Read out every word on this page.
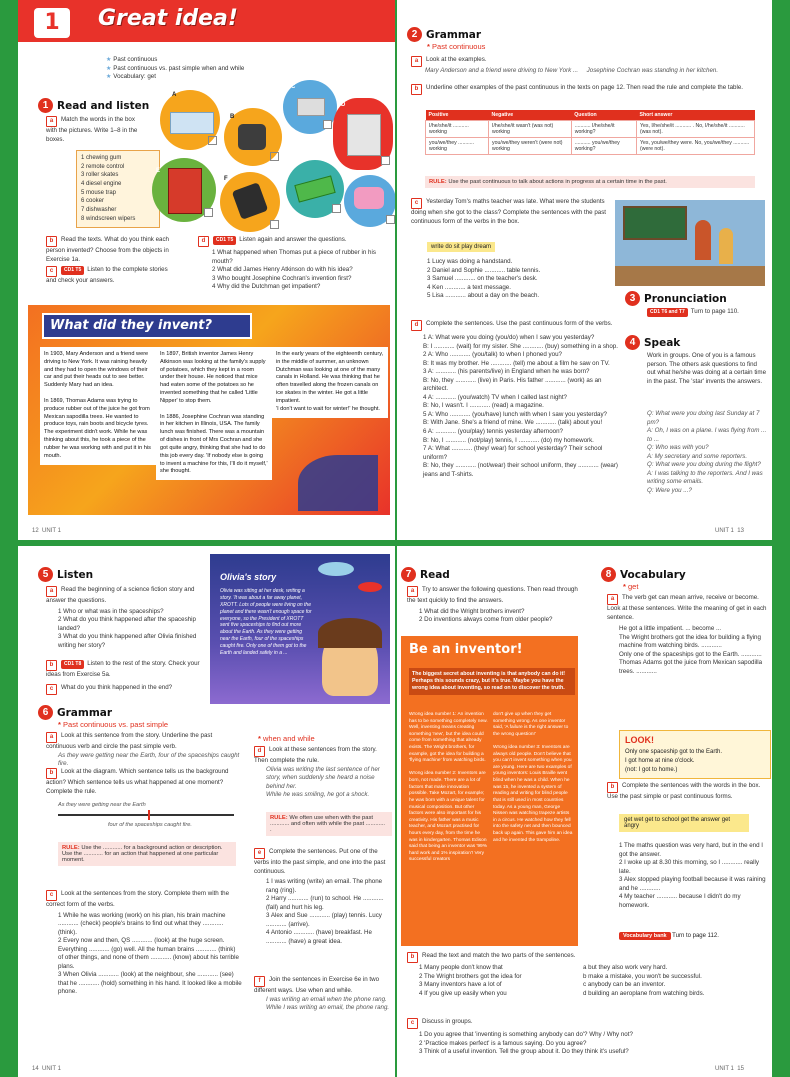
1	Great idea!
★ Past continuous
★ Past continuous vs. past simple when and while
★ Vocabulary: get
1 Read and listen
a Match the words in the box with the pictures. Write 1–8 in the boxes.
1 chewing gum
2 remote control
3 roller skates
4 diesel engine
5 mouse trap
6 cooker
7 dishwasher
8 windscreen wipers
A
B
C
D
E
F
G
H
b Read the texts. What do you think each person invented? Choose from the objects in Exercise 1a.
c CD1 T5 Listen to the complete stories and check your answers.
d CD1 T5 Listen again and answer the questions.
1 What happened when Thomas put a piece of rubber in his mouth?
2 What did James Henry Atkinson do with his idea?
3 Who bought Josephine Cochran's invention first?
4 Why did the Dutchman get impatient?
What did they invent?
In 1903, Mary Anderson and a friend were driving to New York. It was raining heavily and they had to open the windows of their car and put their heads out to see better. Suddenly Mary had an idea.

In 1869, Thomas Adams was trying to produce rubber out of the juice he got from Mexican sapodilla trees. He wanted to produce toys, rain boots and bicycle tyres. The experiment didn't work. While he was thinking about this, he took a piece of the rubber he was working with and put it in his mouth.
In 1897, British inventor James Henry Atkinson was looking at the family's supply of potatoes, which they kept in a room under their house. He noticed that mice had eaten some of the potatoes so he invented something that he called 'Little Nipper' to stop them.

In 1886, Josephine Cochran was standing in her kitchen in Illinois, USA. The family lunch was finished. There was a mountain of dishes in front of Mrs Cochran and she got quite angry, thinking that she had to do this job every day. 'If nobody else is going to invent a machine for this, I'll do it myself,' she thought.
In the early years of the eighteenth century, in the middle of summer, an unknown Dutchman was looking at one of the many canals in Holland. He was thinking that he often travelled along the frozen canals on ice skates in the winter. He got a little impatient.
'I don't want to wait for winter!' he thought.
12 UNIT 1
2 Grammar
* Past continuous
a Look at the examples.
Mary Anderson and a friend were driving to New York ... Josephine Cochran was standing in her kitchen.
b Underline other examples of the past continuous in the texts on page 12. Then read the rule and complete the table.
Positive	Negative	Question	Short answer
I/he/she/it ........... working	I/he/she/it wasn't (was not) working	........... I/he/she/it working?	Yes, I/he/she/it ........... . No, I/he/she/it ........... (was not).
you/we/they ........... working	you/we/they weren't (were not) working	........... you/we/they working?	Yes, you/we/they were. No, you/we/they ........... (were not).
RULE: Use the past continuous to talk about actions in progress at a certain time in the past.
c Yesterday Tom's maths teacher was late. What were the students doing when she got to the class? Complete the sentences with the past continuous form of the verbs in the box.
write do sit play dream
1 Lucy was doing a handstand.
2 Daniel and Sophie ............ table tennis.
3 Samuel ............ on the teacher's desk.
4 Ken ............ a text message.
5 Lisa ............ about a day on the beach.
d Complete the sentences. Use the past continuous form of the verbs.
1 A: What were you doing (you/do) when I saw you yesterday?
B: I ............ (wait) for my sister. She ............ (buy) something in a shop.
2 A: Who ............ (you/talk) to when I phoned you?
B: It was my brother. He ............ (tell) me about a film he saw on TV.
3 A: ............ (his parents/live) in England when he was born?
B: No, they ............ (live) in Paris. His father ............ (work) as an architect.
4 A: ............ (you/watch) TV when I called last night?
B: No, I wasn't. I ............ (read) a magazine.
5 A: Who ............ (you/have) lunch with when I saw you yesterday?
B: With Jane. She's a friend of mine. We ............ (talk) about you!
6 A: ............ (you/play) tennis yesterday afternoon?
B: No, I ............ (not/play) tennis, I ............ (do) my homework.
7 A: What ............ (they/ wear) for school yesterday? Their school uniform?
B: No, they ............ (not/wear) their school uniform, they ............ (wear) jeans and T-shirts.
3 Pronunciation
CD1 T6 and T7 Turn to page 110.
4 Speak
Work in groups. One of you is a famous person. The others ask questions to find out what he/she was doing at a certain time in the past. The 'star' invents the answers.
Q: What were you doing last Sunday at 7 pm?
A: Oh, I was on a plane. I was flying from ... to ...
Q: Who was with you?
A: My secretary and some reporters.
Q: What were you doing during the flight?
A: I was talking to the reporters. And I was writing some emails.
Q: Were you ...?
UNIT 1 13
5 Listen
a Read the beginning of a science fiction story and answer the questions.
1 Who or what was in the spaceships?
2 What do you think happened after the spaceship landed?
3 What do you think happened after Olivia finished writing her story?
b CD1 T8 Listen to the rest of the story. Check your ideas from Exercise 5a.
c What do you think happened in the end?
Olivia's story
Olivia was sitting at her desk, writing a story. 'It was about a far away planet, XROTT. Lots of people were living on the planet and there wasn't enough space for everyone, so the President of XROTT sent five spaceships to find out more about the Earth. As they were getting near the Earth, four of the spaceships caught fire. Only one of them got to the Earth and landed safely in a ...
6 Grammar
* Past continuous vs. past simple
a Look at this sentence from the story. Underline the past continuous verb and circle the past simple verb.
As they were getting near the Earth, four of the spaceships caught fire.
b Look at the diagram. Which sentence tells us the background action? Which sentence tells us what happened at one moment? Complete the rule.
As they were getting near the Earth
four of the spaceships caught fire.
RULE: Use the ............ for a background action or description.
Use the ............ for an action that happened at one particular moment.
c Look at the sentences from the story. Complete them with the correct form of the verbs.
1 While he was working (work) on his plan, his brain machine ............ (check) people's brains to find out what they ............ (think).
2 Every now and then, QS ............ (look) at the huge screen. Everything ............ (go) well. All the human brains ............ (think) of other things, and none of them ............ (know) about his terrible plans.
3 When Olivia ............ (look) at the neighbour, she ............ (see) that he ............ (hold) something in his hand. It looked like a mobile phone.
* when and while
d Look at these sentences from the story. Then complete the rule.
Olivia was writing the last sentence of her story, when suddenly she heard a noise behind her.
While he was smiling, he got a shock.
RULE: We often use when with the past ............ and often with while the past ............ .
e Complete the sentences. Put one of the verbs into the past simple, and one into the past continuous.
1 I was writing (write) an email. The phone rang (ring).
2 Harry ............ (run) to school. He ............ (fall) and hurt his leg.
3 Alex and Sue ............ (play) tennis. Lucy ............ (arrive).
4 Antonio ............ (have) breakfast. He ............ (have) a great idea.
f Join the sentences in Exercise 6e in two different ways. Use when and while.
I was writing an email when the phone rang.
While I was writing an email, the phone rang.
14 UNIT 1
7 Read
a Try to answer the following questions. Then read through the text quickly to find the answers.
1 What did the Wright brothers invent?
2 Do inventions always come from older people?
Be an inventor!
The biggest secret about inventing is that anybody can do it! Perhaps this sounds crazy, but it's true. Maybe you have the wrong idea about inventing, so read on to discover the truth.
Wrong idea number 1: An invention has to be something completely new. Well, inventing means creating something 'new', but the idea could come from something that already exists. The Wright brothers, for example, got the idea for building a 'flying machine' from watching birds.

Wrong idea number 2: Inventors are born, not made. There are a lot of factors that make innovation possible. Take Mozart, for example; he was born with a unique talent for musical composition. But other factors were also important for his creativity. His father was a music teacher, and Mozart practised for hours every day, from the time he was in kindergarten. Thomas Edison said that being an inventor was '99% hard work and 1% inspiration'! Very successful creators
don't give up when they get something wrong. As one inventor said, 'A failure is the right answer to the wrong question!'

Wrong idea number 3: Inventors are always old people. Don't believe that you can't invent something when you are young. Here are two examples of young inventors: Louis Braille went blind when he was a child. When he was 15, he invented a system of reading and writing for blind people that is still used in most countries today. As a young man, George Nissen was watching trapeze artists in a circus. He watched how they fell into the safety net and then bounced back up again. This gave him an idea and he invented the trampoline.
8 Vocabulary
* get
a The verb get can mean arrive, receive or become. Look at these sentences. Write the meaning of get in each sentence.
He got a little impatient. ... become ...
The Wright brothers got the idea for building a flying machine from watching birds. ............
Only one of the spaceships got to the Earth. ............
Thomas Adams got the juice from Mexican sapodilla trees. ............
LOOK!
Only one spaceship got to the Earth.
I got home at nine o'clock.
(not: I got to home.)
b Complete the sentences with the words in the box. Use the past simple or past continuous forms.
get wet get to school get the answer get angry
1 The maths question was very hard, but in the end I got the answer.
2 I woke up at 8.30 this morning, so I ............ really late.
3 Alex stopped playing football because it was raining and he ............
4 My teacher ............ because I didn't do my homework.
Vocabulary bank Turn to page 112.
b Read the text and match the two parts of the sentences.
1 Many people don't know that
2 The Wright brothers got the idea for
3 Many inventors have a lot of
4 If you give up easily when you
a but they also work very hard.
b make a mistake, you won't be successful.
c anybody can be an inventor.
d building an aeroplane from watching birds.
c Discuss in groups.
1 Do you agree that 'inventing is something anybody can do'? Why / Why not?
2 'Practice makes perfect' is a famous saying. Do you agree?
3 Think of a useful invention. Tell the group about it. Do they think it's useful?
UNIT 1 15
